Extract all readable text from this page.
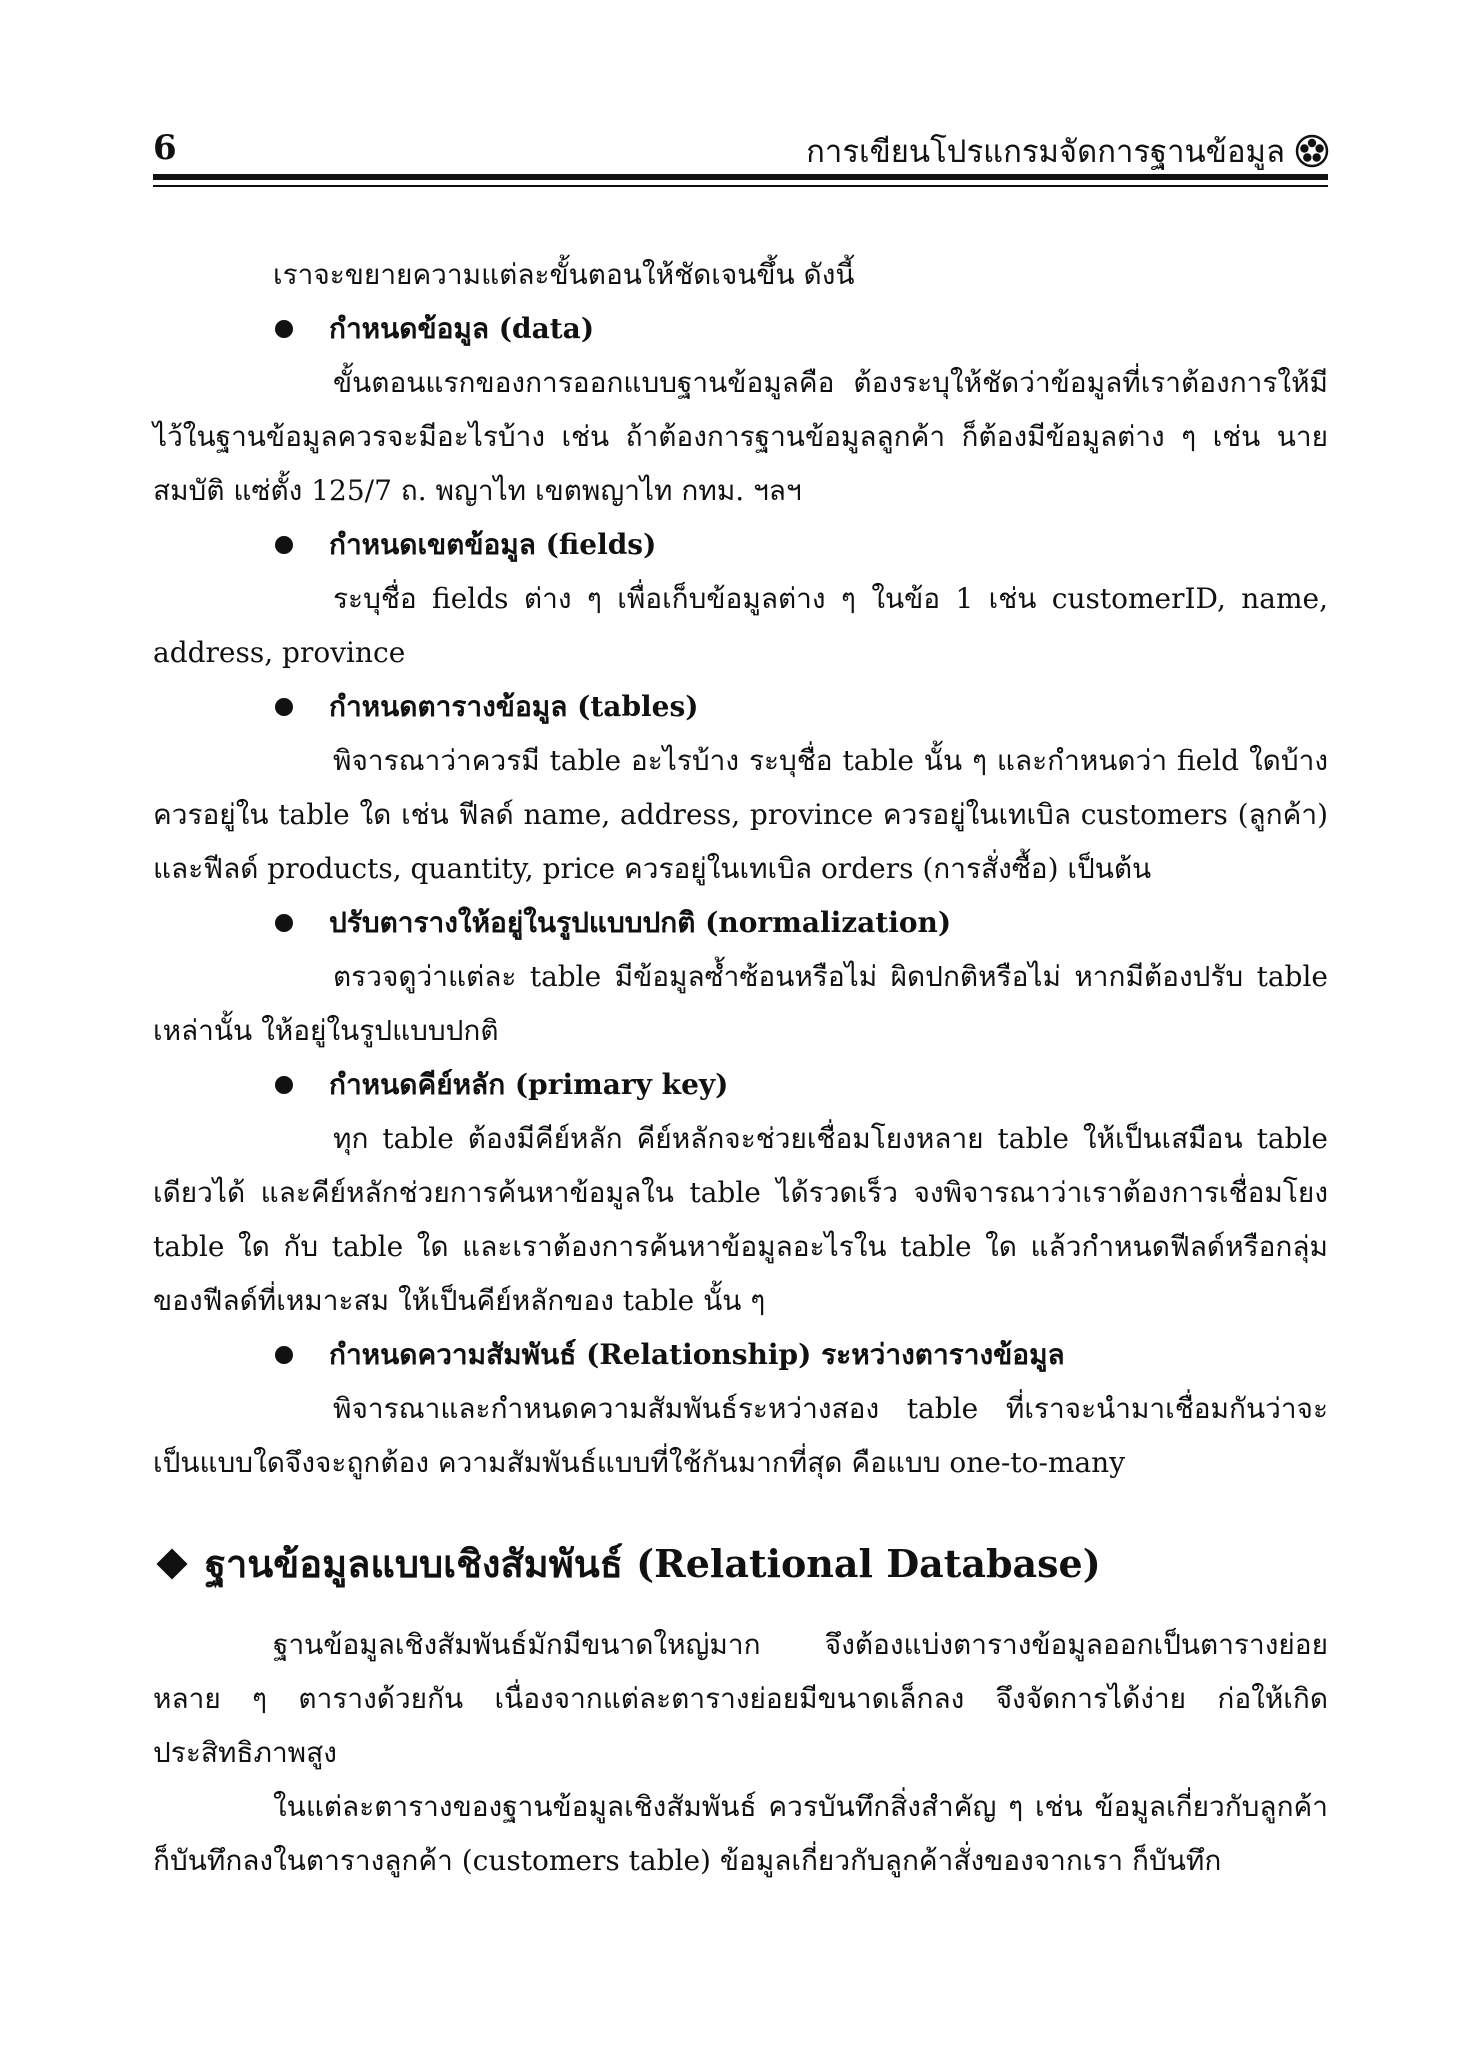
6	การเขียนโปรแกรมจัดการฐานข้อมูล
เราจะขยายความแต่ละขั้นตอนให้ชัดเจนขึ้น ดังนี้
กำหนดข้อมูล (data)
ขั้นตอนแรกของการออกแบบฐานข้อมูลคือ ต้องระบุให้ชัดว่าข้อมูลที่เราต้องการให้มีไว้ในฐานข้อมูลควรจะมีอะไรบ้าง เช่น ถ้าต้องการฐานข้อมูลลูกค้า ก็ต้องมีข้อมูลต่าง ๆ เช่น นายสมบัติ แซ่ตั้ง 125/7 ถ. พญาไท เขตพญาไท กทม. ฯลฯ
กำหนดเขตข้อมูล (fields)
ระบุชื่อ fields ต่าง ๆ เพื่อเก็บข้อมูลต่าง ๆ ในข้อ 1 เช่น customerID, name, address, province
กำหนดตารางข้อมูล (tables)
พิจารณาว่าควรมี table อะไรบ้าง ระบุชื่อ table นั้น ๆ และกำหนดว่า field ใดบ้างควรอยู่ใน table ใด เช่น ฟีลด์ name, address, province ควรอยู่ในเทเบิล customers (ลูกค้า) และฟีลด์ products, quantity, price ควรอยู่ในเทเบิล orders (การสั่งซื้อ) เป็นต้น
ปรับตารางให้อยู่ในรูปแบบปกติ (normalization)
ตรวจดูว่าแต่ละ table มีข้อมูลซ้ำซ้อนหรือไม่ ผิดปกติหรือไม่ หากมีต้องปรับ table เหล่านั้น ให้อยู่ในรูปแบบปกติ
กำหนดคีย์หลัก (primary key)
ทุก table ต้องมีคีย์หลัก คีย์หลักจะช่วยเชื่อมโยงหลาย table ให้เป็นเสมือน table เดียวได้ และคีย์หลักช่วยการค้นหาข้อมูลใน table ได้รวดเร็ว จงพิจารณาว่าเราต้องการเชื่อมโยง table ใด กับ table ใด และเราต้องการค้นหาข้อมูลอะไรใน table ใด แล้วกำหนดฟีลด์หรือกลุ่มของฟีลด์ที่เหมาะสม ให้เป็นคีย์หลักของ table นั้น ๆ
กำหนดความสัมพันธ์ (Relationship) ระหว่างตารางข้อมูล
พิจารณาและกำหนดความสัมพันธ์ระหว่างสอง table ที่เราจะนำมาเชื่อมกันว่าจะเป็นแบบใดจึงจะถูกต้อง ความสัมพันธ์แบบที่ใช้กันมากที่สุด คือแบบ one-to-many
ฐานข้อมูลแบบเชิงสัมพันธ์ (Relational Database)
ฐานข้อมูลเชิงสัมพันธ์มักมีขนาดใหญ่มาก จึงต้องแบ่งตารางข้อมูลออกเป็นตารางย่อยหลาย ๆ ตารางด้วยกัน เนื่องจากแต่ละตารางย่อยมีขนาดเล็กลง จึงจัดการได้ง่าย ก่อให้เกิดประสิทธิภาพสูง
ในแต่ละตารางของฐานข้อมูลเชิงสัมพันธ์ ควรบันทึกสิ่งสำคัญ ๆ เช่น ข้อมูลเกี่ยวกับลูกค้า ก็บันทึกลงในตารางลูกค้า (customers table) ข้อมูลเกี่ยวกับลูกค้าสั่งของจากเรา ก็บันทึก
